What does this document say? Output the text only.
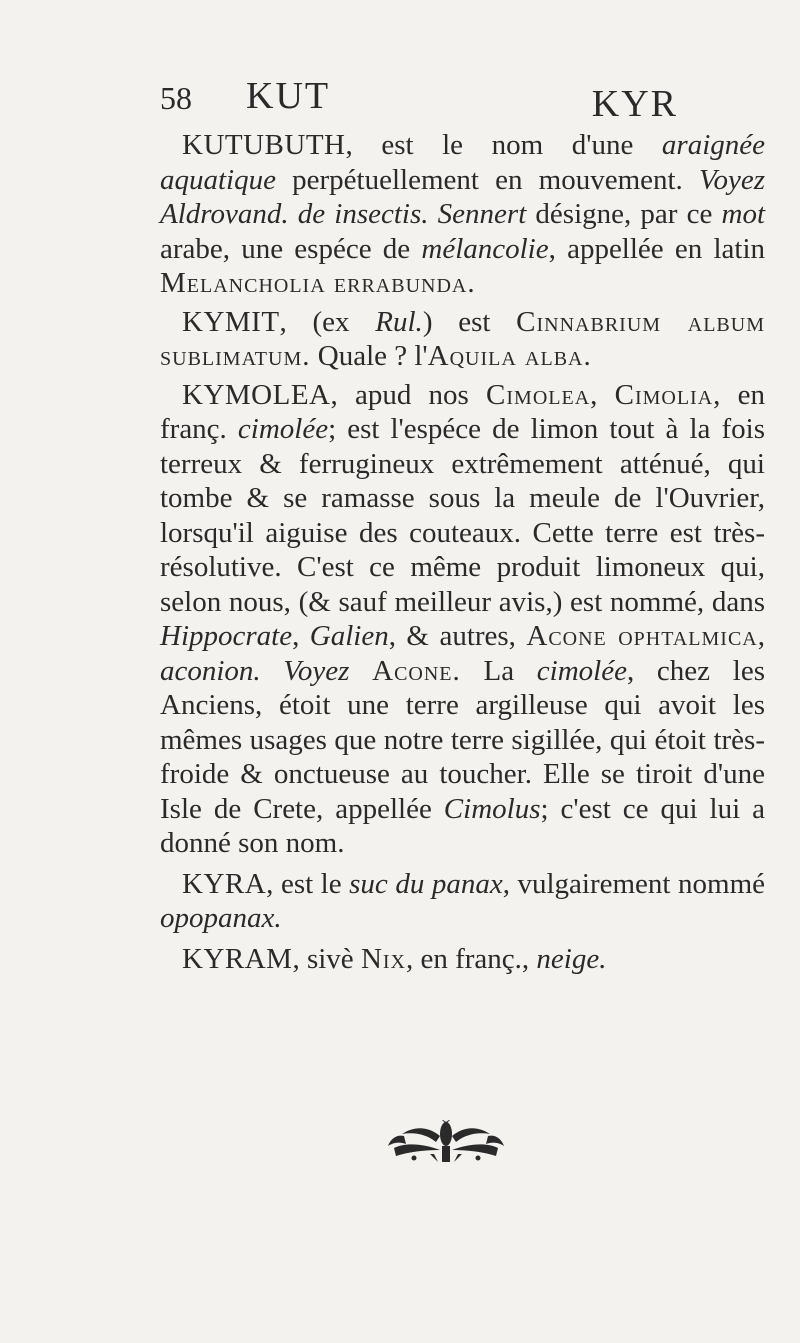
58 KUT	KYR

KUTUBUTH, est le nom d'une araignée aquatique perpétuellement en mouvement. Voyez Aldrovand. de insectis. Sennert désigne, par ce mot arabe, une espéce de mélancolie, appellée en latin Melancholia errabunda.

KYMIT, (ex Rul.) est Cinnabrium album sublimatum. Quale ? l'Aquila alba.

KYMOLEA, apud nos Cimolea, Cimolia, en franç. cimolée; est l'espéce de limon tout à la fois terreux & ferrugineux extrêmement atténué, qui tombe & se ramasse sous la meule de l'Ouvrier, lorsqu'il aiguise des couteaux. Cette terre est très-résolutive. C'est ce même produit limoneux qui, selon nous, (& sauf meilleur avis,) est nommé, dans Hippocrate, Galien, & autres, Acone ophtalmica, aconion. Voyez Acone. La cimolée, chez les Anciens, étoit une terre argilleuse qui avoit les mêmes usages que notre terre sigillée, qui étoit très-froide & onctueuse au toucher. Elle se tiroit d'une Isle de Crete, appellée Cimolus; c'est ce qui lui a donné son nom.

KYRA, est le suc du panax, vulgairement nommé opopanax.

KYRAM, sivè Nix, en franç., neige.
